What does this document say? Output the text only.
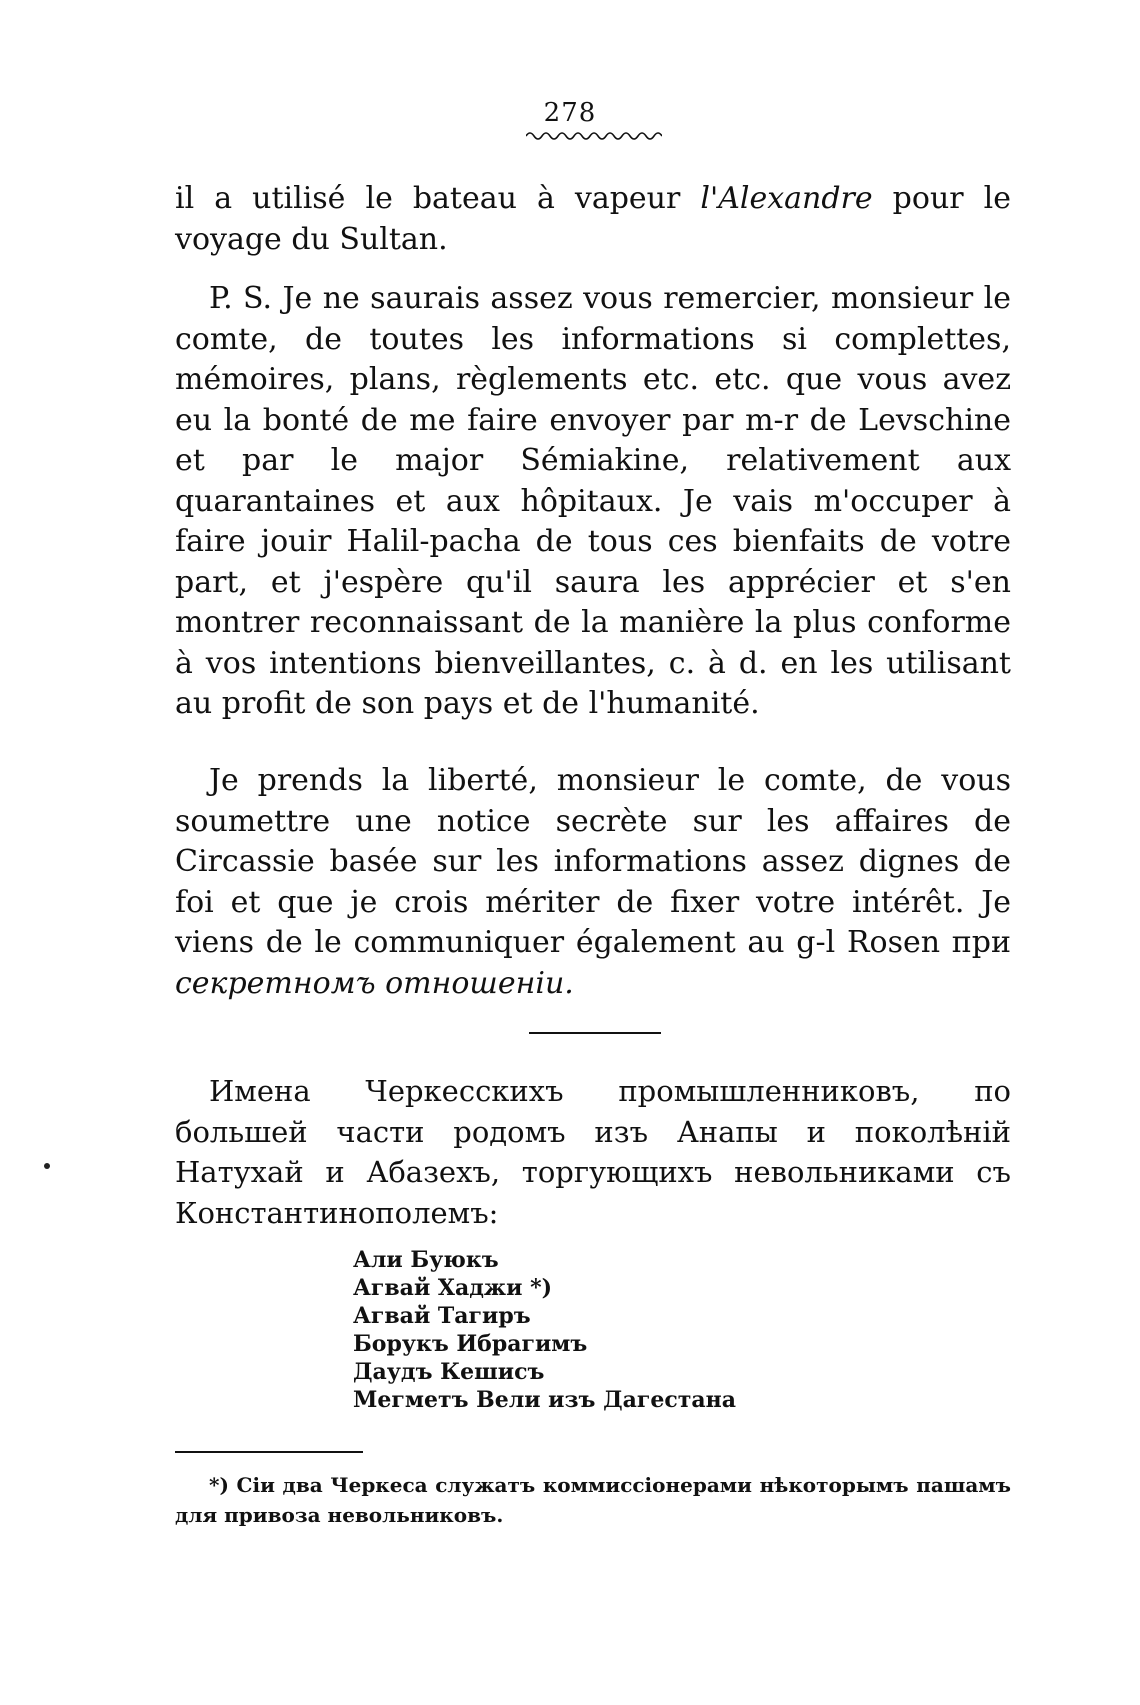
278

il a utilisé le bateau à vapeur l'Alexandre pour le voyage du Sultan.

P. S. Je ne saurais assez vous remercier, monsieur le comte, de toutes les informations si complettes, mémoires, plans, règlements etc. etc. que vous avez eu la bonté de me faire envoyer par m-r de Levschine et par le major Sémiakine, relativement aux quarantaines et aux hôpitaux. Je vais m'occuper à faire jouir Halil-pacha de tous ces bienfaits de votre part, et j'espère qu'il saura les apprécier et s'en montrer reconnaissant de la manière la plus conforme à vos intentions bienveillantes, c. à d. en les utilisant au profit de son pays et de l'humanité.

Je prends la liberté, monsieur le comte, de vous soumettre une notice secrète sur les affaires de Circassie basée sur les informations assez dignes de foi et que je crois mériter de fixer votre intérêt. Je viens de le communiquer également au g-l Rosen при секретномъ отношеніи.

Имена Черкесскихъ промышленниковъ, по большей части родомъ изъ Анапы и поколѣній Натухай и Абазехъ, торгующихъ невольниками съ Константинополемъ:

Али Буюкъ
Агвай Хаджи *)
Агвай Тагиръ
Борукъ Ибрагимъ
Даудъ Кешисъ
Мегметъ Вели изъ Дагестана

*) Сіи два Черкеса служатъ коммиссіонерами нѣкоторымъ пашамъ для привоза невольниковъ.
